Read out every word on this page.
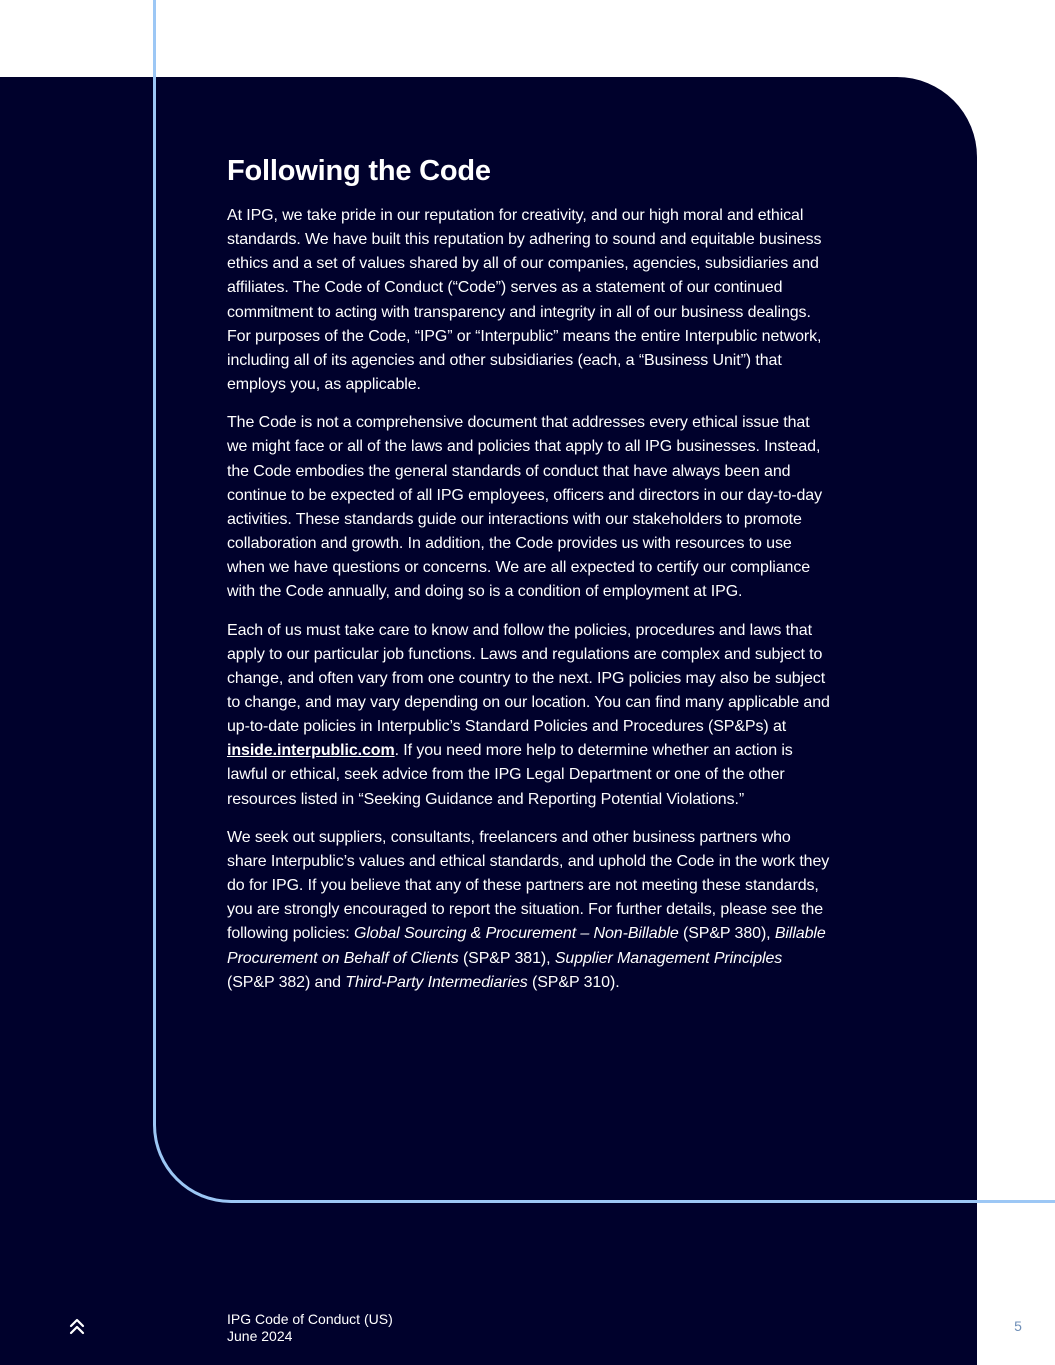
Following the Code

At IPG, we take pride in our reputation for creativity, and our high moral and ethical standards. We have built this reputation by adhering to sound and equitable business ethics and a set of values shared by all of our companies, agencies, subsidiaries and affiliates. The Code of Conduct (“Code”) serves as a statement of our continued commitment to acting with transparency and integrity in all of our business dealings. For purposes of the Code, “IPG” or “Interpublic” means the entire Interpublic network, including all of its agencies and other subsidiaries (each, a “Business Unit”) that employs you, as applicable.

The Code is not a comprehensive document that addresses every ethical issue that we might face or all of the laws and policies that apply to all IPG businesses. Instead, the Code embodies the general standards of conduct that have always been and continue to be expected of all IPG employees, officers and directors in our day-to-day activities. These standards guide our interactions with our stakeholders to promote collaboration and growth. In addition, the Code provides us with resources to use when we have questions or concerns. We are all expected to certify our compliance with the Code annually, and doing so is a condition of employment at IPG.

Each of us must take care to know and follow the policies, procedures and laws that apply to our particular job functions. Laws and regulations are complex and subject to change, and often vary from one country to the next. IPG policies may also be subject to change, and may vary depending on our location. You can find many applicable and up-to-date policies in Interpublic’s Standard Policies and Procedures (SP&Ps) at inside.interpublic.com. If you need more help to determine whether an action is lawful or ethical, seek advice from the IPG Legal Department or one of the other resources listed in “Seeking Guidance and Reporting Potential Violations.”

We seek out suppliers, consultants, freelancers and other business partners who share Interpublic’s values and ethical standards, and uphold the Code in the work they do for IPG. If you believe that any of these partners are not meeting these standards, you are strongly encouraged to report the situation. For further details, please see the following policies: Global Sourcing & Procurement – Non-Billable (SP&P 380), Billable Procurement on Behalf of Clients (SP&P 381), Supplier Management Principles (SP&P 382) and Third-Party Intermediaries (SP&P 310).

IPG Code of Conduct (US)
June 2024
5
